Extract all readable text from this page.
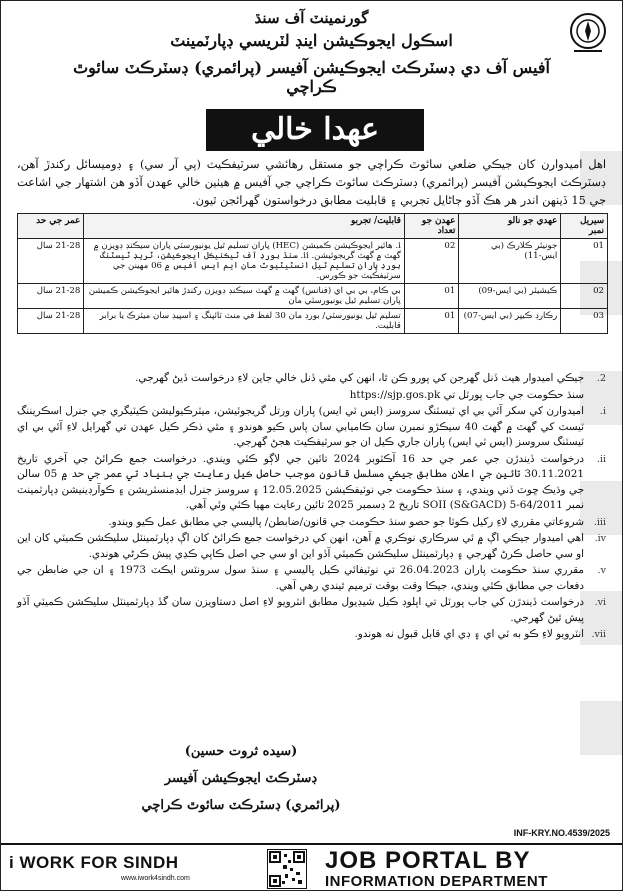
گورنمينٽ آف سنڌ
اسڪول ايجوڪيشن اينڊ لٽريسي ڊپارٽمينٽ
آفيس آف دي ڊسٽرڪٽ ايجوڪيشن آفيسر (پرائمري) ڊسٽرڪٽ سائوٿ ڪراچي
عهدا خالي
اهل اميدوارن کان جيڪي ضلعي سائوٿ ڪراچي جو مستقل رهائشي سرٽيفڪيٽ (پي آر سي) ۽ ڊوميسائل رکندڙ آهن، ڊسٽرڪٽ ايجوڪيشن آفيسر (پرائمري) ڊسٽرڪٽ سائوٿ ڪراچي جي آفيس ۾ هيٺين خالي عهدن آڏو هن اشتهار جي اشاعت جي 15 ڏينهن اندر هر هڪ آڏو ڄاڻايل تجربي ۽ قابليت مطابق درخواستون گهرائجن ٿيون.
سيريل نمبر	عهدي جو نالو	عهدن جو تعداد	قابليت/ تجربو	عمر جي حد
01	جونيئر ڪلارڪ (بي ايس-11)	02	i. هائير ايجوڪيشن ڪميشن (HEC) پاران تسليم ٿيل يونيورسٽي پاران سيڪنڊ ڊويزن ۾ گهٽ ۾ گهٽ گريجوئيشن. ii. سنڌ بورڊ آف ٽيڪنيڪل ايجوڪيشن، ٽريڊ ٽيسٽنگ بورڊ پاران تسليم ٿيل انسٽيٽيوٽ مان ايم ايس آفيس ۾ 06 مهينن جي سرٽيفڪيٽ جو ڪورس.	21-28 سال
02	ڪيشيئر (بي ايس-09)	01	بي ڪام، بي بي اي (فنانس) گهٽ ۾ گهٽ سيڪنڊ ڊويزن رکندڙ هائير ايجوڪيشن ڪميشن پاران تسليم ٿيل يونيورسٽي مان	21-28 سال
03	رڪارڊ ڪيپر (بي ايس-07)	01	تسليم ٿيل يونيورسٽي/ بورڊ مان 30 لفظ في منٽ ٽائپنگ ۽ اسپيڊ سان ميٽرڪ يا برابر قابليت.	21-28 سال
2.
جيڪي اميدوار هيٺ ڏنل گهرجن کي پورو ڪن ٿا، انهن کي مٿي ڏنل خالي جاين لاءِ درخواست ڏيڻ گهرجي.
سنڌ حڪومت جي جاب پورٽل تي https://sjp.gos.pk
i.
اميدوارن کي سکر آئي بي اي ٽيسٽنگ سروسز (ايس ٽي ايس) پاران ورتل گريجوئيشن، ميٽرڪيوليشن ڪيٽيگري جي جنرل اسڪريننگ ٽيسٽ کي گهٽ ۾ گهٽ 40 سيڪڙو نمبرن سان ڪاميابي سان پاس ڪيو هوندو ۽ مٿي ذڪر ڪيل عهدن تي گهرايل لاءِ آئي بي اي ٽيسٽنگ سروسز (ايس ٽي ايس) پاران جاري ڪيل ان جو سرٽيفڪيٽ هجڻ گهرجي.
ii.
درخواست ڏيندڙن جي عمر جي حد 16 آڪٽوبر 2024 تائين جي لاڳو ڪئي ويندي. درخواست جمع ڪرائڻ جي آخري تاريخ 30.11.2021 تائين جي اعلان مطابق جيڪي مسلسل قانون موجب حاصل ڪيل رعايت جي بنياد تي عمر جي حد ۾ 05 سالن جي وڌيڪ ڇوٽ ڏني ويندي، ۽ سنڌ حڪومت جي نوٽيفڪيشن 12.05.2025 ۽ سروسز جنرل ايڊمنسٽريشن ۽ ڪوآرڊينيشن ڊپارٽمينٽ نمبر SOII (S&GACD) 5-64/2011 تاريخ 2 ڊسمبر 2025 تائين رعايت مهيا ڪئي وئي آهي.
iii.
شروعاتي مقرري لاءِ رکيل ڪوٽا جو حصو سنڌ حڪومت جي قانون/ضابطن/ پاليسي جي مطابق عمل ڪيو ويندو.
iv.
اهي اميدوار جيڪي اڳ ۾ ئي سرڪاري نوڪري ۾ آهن، انهن کي درخواست جمع ڪرائڻ کان اڳ ڊپارٽمينٽل سليڪشن ڪميٽي کان اين او سي حاصل ڪرڻ گهرجي ۽ ڊپارٽمينٽل سليڪشن ڪميٽي آڏو اين او سي جي اصل ڪاپي ڪڍي پيش ڪرڻي هوندي.
v.
مقرري سنڌ حڪومت پاران 26.04.2023 تي نوٽيفائي ڪيل پاليسي ۽ سنڌ سول سرونٽس ايڪٽ 1973 ۽ ان جي ضابطن جي دفعات جي مطابق ڪئي ويندي، جيڪا وقت بوقت ترميم ٿيندي رهي آهي.
vi.
درخواست ڏيندڙن کي جاب پورٽل تي اپلوڊ ڪيل شيڊيول مطابق انٽرويو لاءِ اصل دستاويزن سان گڏ ڊپارٽمينٽل سليڪشن ڪميٽي آڏو پيش ٿيڻ گهرجي.
vii.
انٽرويو لاءِ ڪو به ٽي اي ۽ ڊي اي قابل قبول نه هوندو.
(سيده ثروت حسين)
ڊسٽرڪٽ ايجوڪيشن آفيسر
(پرائمري) ڊسٽرڪٽ سائوٿ ڪراچي
INF-KRY.NO.4539/2025
i WORK FOR SINDH
www.iwork4sindh.com
JOB PORTAL BY
INFORMATION DEPARTMENT
